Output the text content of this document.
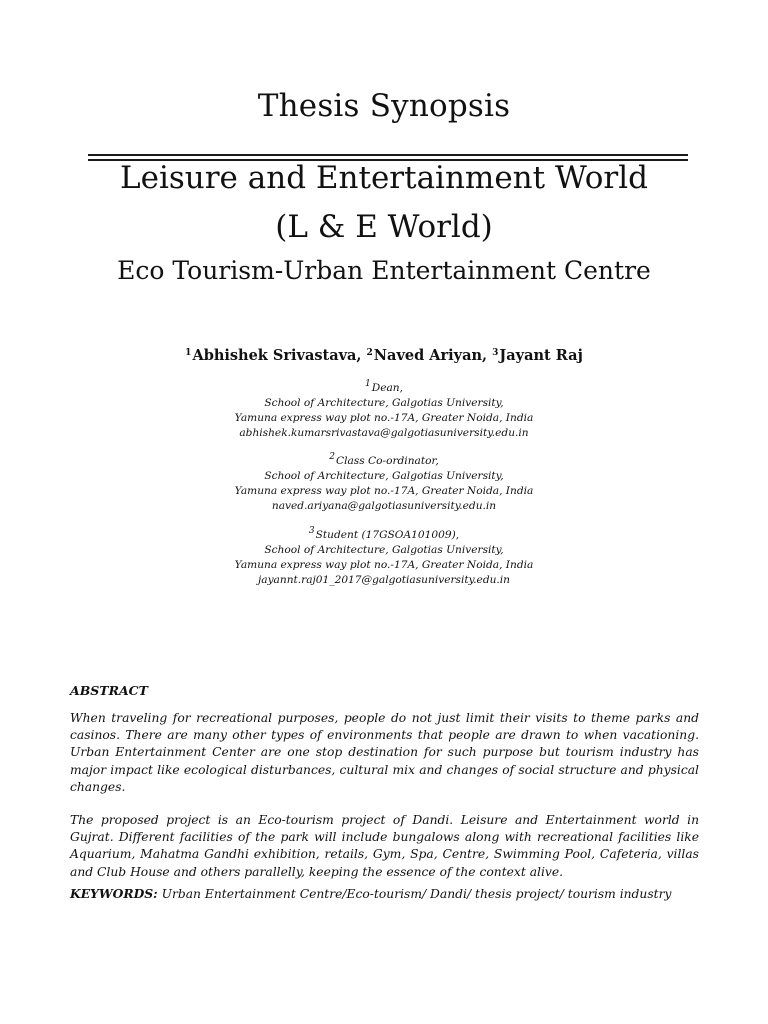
Thesis Synopsis
Leisure and Entertainment World
(L & E World)
Eco Tourism-Urban Entertainment Centre

$^1$Abhishek Srivastava, $^2$Naved Ariyan, $^3$Jayant Raj

$^1$Dean,
School of Architecture, Galgotias University,
Yamuna express way plot no.-17A, Greater Noida, India
abhishek.kumarsrivastava@galgotiasuniversity.edu.in
$^2$Class Co-ordinator,
School of Architecture, Galgotias University,
Yamuna express way plot no.-17A, Greater Noida, India
naved.ariyana@galgotiasuniversity.edu.in
$^3$Student (17GSOA101009),
School of Architecture, Galgotias University,
Yamuna express way plot no.-17A, Greater Noida, India
jayannt.raj01_2017@galgotiasuniversity.edu.in
ABSTRACT

When traveling for recreational purposes, people do not just limit their visits to theme parks and casinos. There are many other types of environments that people are drawn to when vacationing. Urban Entertainment Center are one stop destination for such purpose but tourism industry has major impact like ecological disturbances, cultural mix and changes of social structure and physical changes.

The proposed project is an Eco-tourism project of Dandi. Leisure and Entertainment world in Gujrat. Different facilities of the park will include bungalows along with recreational facilities like Aquarium, Mahatma Gandhi exhibition, retails, Gym, Spa, Centre, Swimming Pool, Cafeteria, villas and Club House and others parallelly, keeping the essence of the context alive.

KEYWORDS: Urban Entertainment Centre/Eco-tourism/ Dandi/ thesis project/ tourism industry
